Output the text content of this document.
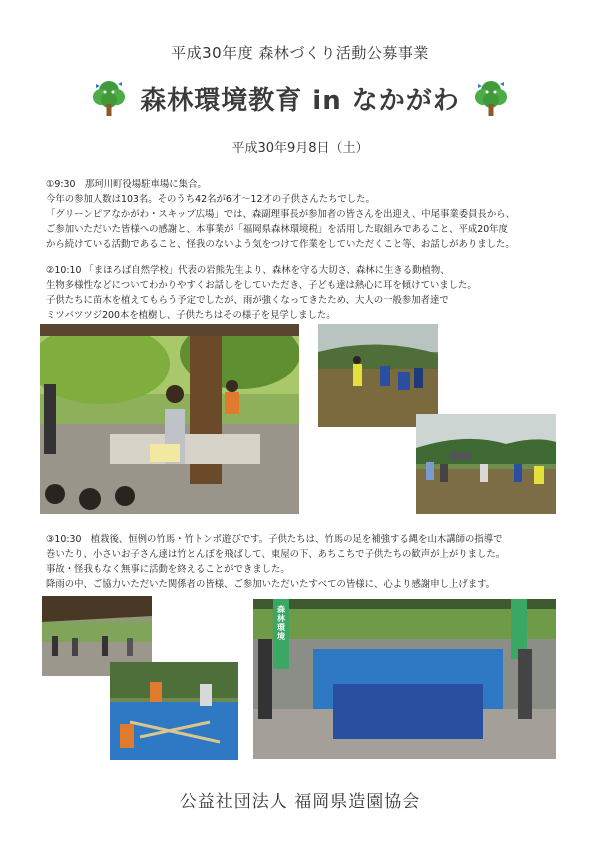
平成30年度 森林づくり活動公募事業
森林環境教育 in なかがわ
平成30年9月8日（土）
①9:30　那珂川町役場駐車場に集合。
今年の参加人数は103名。そのうち42名が6才～12才の子供さんたちでした。
「グリーンピアなかがわ・スキップ広場」では、森副理事長が参加者の皆さんを出迎え、中尾事業委員長から、
ご参加いただいた皆様への感謝と、本事業が「福岡県森林環境税」を活用した取組みであること、平成20年度
から続けている活動であること、怪我のないよう気をつけて作業をしていただくこと等、お話しがありました。
②10:10 「まほろば自然学校」代表の岩熊先生より、森林を守る大切さ、森林に生きる動植物、
生物多様性などについてわかりやすくお話しをしていただき、子ども達は熱心に耳を傾けていました。
子供たちに苗木を植えてもらう予定でしたが、雨が強くなってきたため、大人の一般参加者達で
ミツバツツジ200本を植樹し、子供たちはその様子を見学しました。
③10:30　植栽後、恒例の竹馬・竹トンボ遊びです。子供たちは、竹馬の足を補強する縄を山木講師の指導で
巻いたり、小さいお子さん達は竹とんぼを飛ばして、東屋の下、あちこちで子供たちの歓声が上がりました。
事故・怪我もなく無事に活動を終えることができました。
降雨の中、ご協力いただいた関係者の皆様、ご参加いただいたすべての皆様に、心より感謝申し上げます。
森林環境
公益社団法人 福岡県造園協会
